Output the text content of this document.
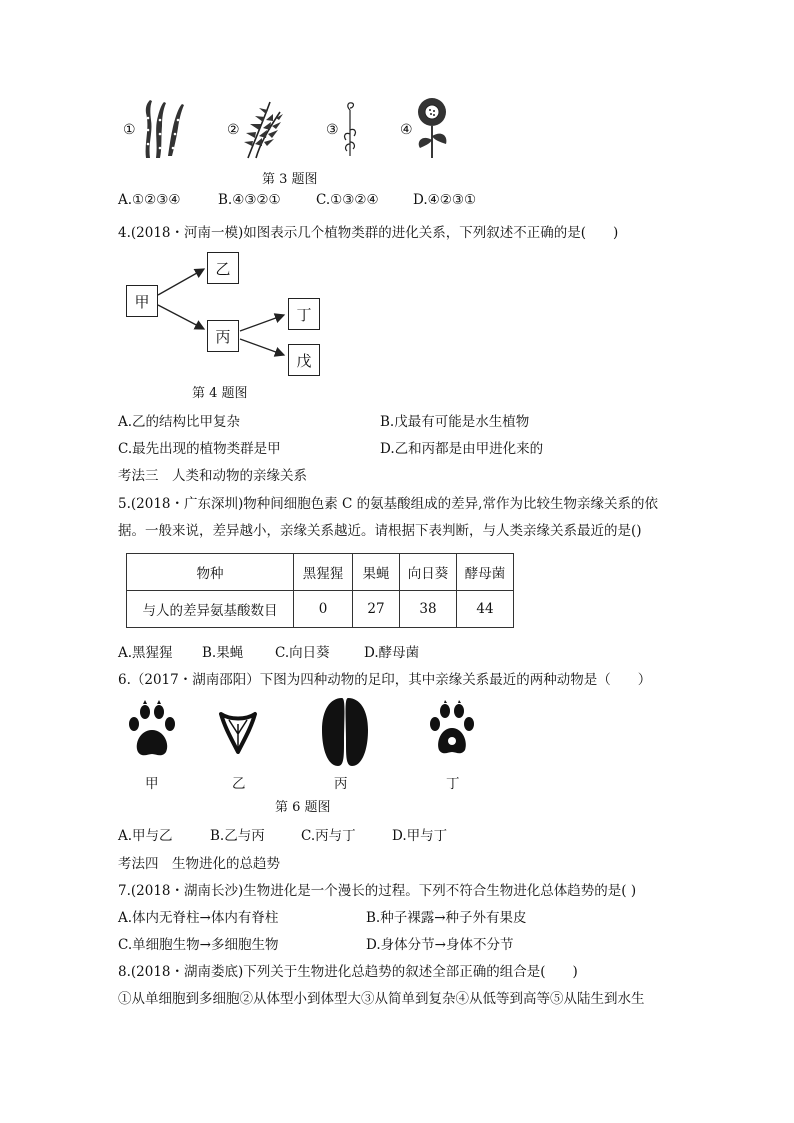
①	②	③	④
第 3 题图
A.①②③④	B.④③②①	C.①③②④	D.④②③①
4.(2018・河南一模)如图表示几个植物类群的进化关系，下列叙述不正确的是(　　)
甲
乙
丙
丁
戊
第 4 题图
A.乙的结构比甲复杂	B.戊最有可能是水生植物
C.最先出现的植物类群是甲	D.乙和丙都是由甲进化来的
考法三　人类和动物的亲缘关系
5.(2018・广东深圳)物种间细胞色素 C 的氨基酸组成的差异,常作为比较生物亲缘关系的依
据。一般来说，差异越小，亲缘关系越近。请根据下表判断，与人类亲缘关系最近的是()
物种	黑猩猩	果蝇	向日葵	酵母菌
与人的差异氨基酸数目	0	27	38	44
A.黑猩猩 B.果蝇 C.向日葵	D.酵母菌
6.（2017・湖南邵阳）下图为四种动物的足印，其中亲缘关系最近的两种动物是（　　）
甲	乙	丙	丁
第 6 题图
A.甲与乙	B.乙与丙	C.丙与丁	D.甲与丁
考法四　生物进化的总趋势
7.(2018・湖南长沙)生物进化是一个漫长的过程。下列不符合生物进化总体趋势的是( )
A.体内无脊柱→体内有脊柱	B.种子裸露→种子外有果皮
C.单细胞生物→多细胞生物	D.身体分节→身体不分节
8.(2018・湖南娄底)下列关于生物进化总趋势的叙述全部正确的组合是(　　)
①从单细胞到多细胞②从体型小到体型大③从简单到复杂④从低等到高等⑤从陆生到水生
